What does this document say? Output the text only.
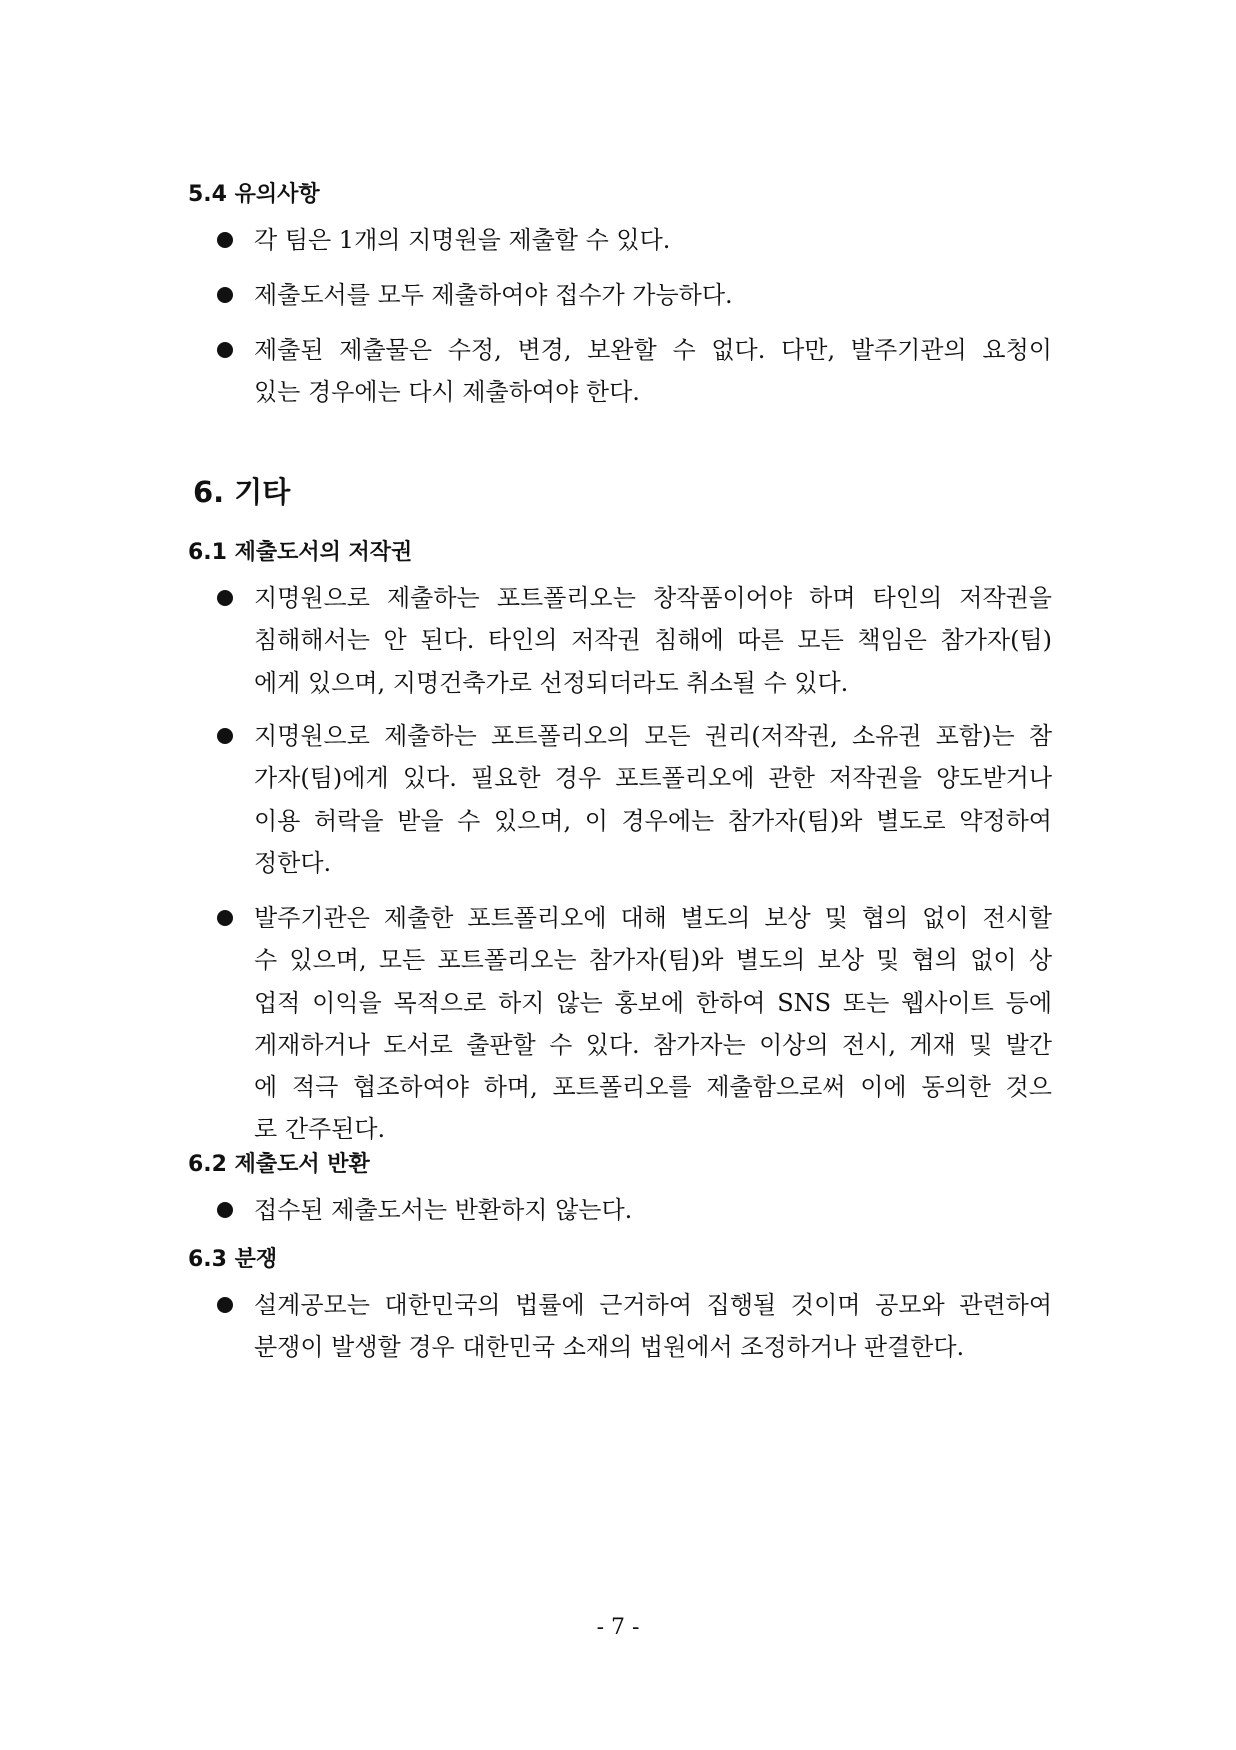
5.4 유의사항
각 팀은 1개의 지명원을 제출할 수 있다.
제출도서를 모두 제출하여야 접수가 가능하다.
제출된 제출물은 수정, 변경, 보완할 수 없다. 다만, 발주기관의 요청이
있는 경우에는 다시 제출하여야 한다.
6. 기타
6.1 제출도서의 저작권
지명원으로 제출하는 포트폴리오는 창작품이어야 하며 타인의 저작권을
침해해서는 안 된다. 타인의 저작권 침해에 따른 모든 책임은 참가자(팀)
에게 있으며, 지명건축가로 선정되더라도 취소될 수 있다.
지명원으로 제출하는 포트폴리오의 모든 권리(저작권, 소유권 포함)는 참
가자(팀)에게 있다. 필요한 경우 포트폴리오에 관한 저작권을 양도받거나
이용 허락을 받을 수 있으며, 이 경우에는 참가자(팀)와 별도로 약정하여
정한다.
발주기관은 제출한 포트폴리오에 대해 별도의 보상 및 협의 없이 전시할
수 있으며, 모든 포트폴리오는 참가자(팀)와 별도의 보상 및 협의 없이 상
업적 이익을 목적으로 하지 않는 홍보에 한하여 SNS 또는 웹사이트 등에
게재하거나 도서로 출판할 수 있다. 참가자는 이상의 전시, 게재 및 발간
에 적극 협조하여야 하며, 포트폴리오를 제출함으로써 이에 동의한 것으
로 간주된다.
6.2 제출도서 반환
접수된 제출도서는 반환하지 않는다.
6.3 분쟁
설계공모는 대한민국의 법률에 근거하여 집행될 것이며 공모와 관련하여
분쟁이 발생할 경우 대한민국 소재의 법원에서 조정하거나 판결한다.
- 7 -
